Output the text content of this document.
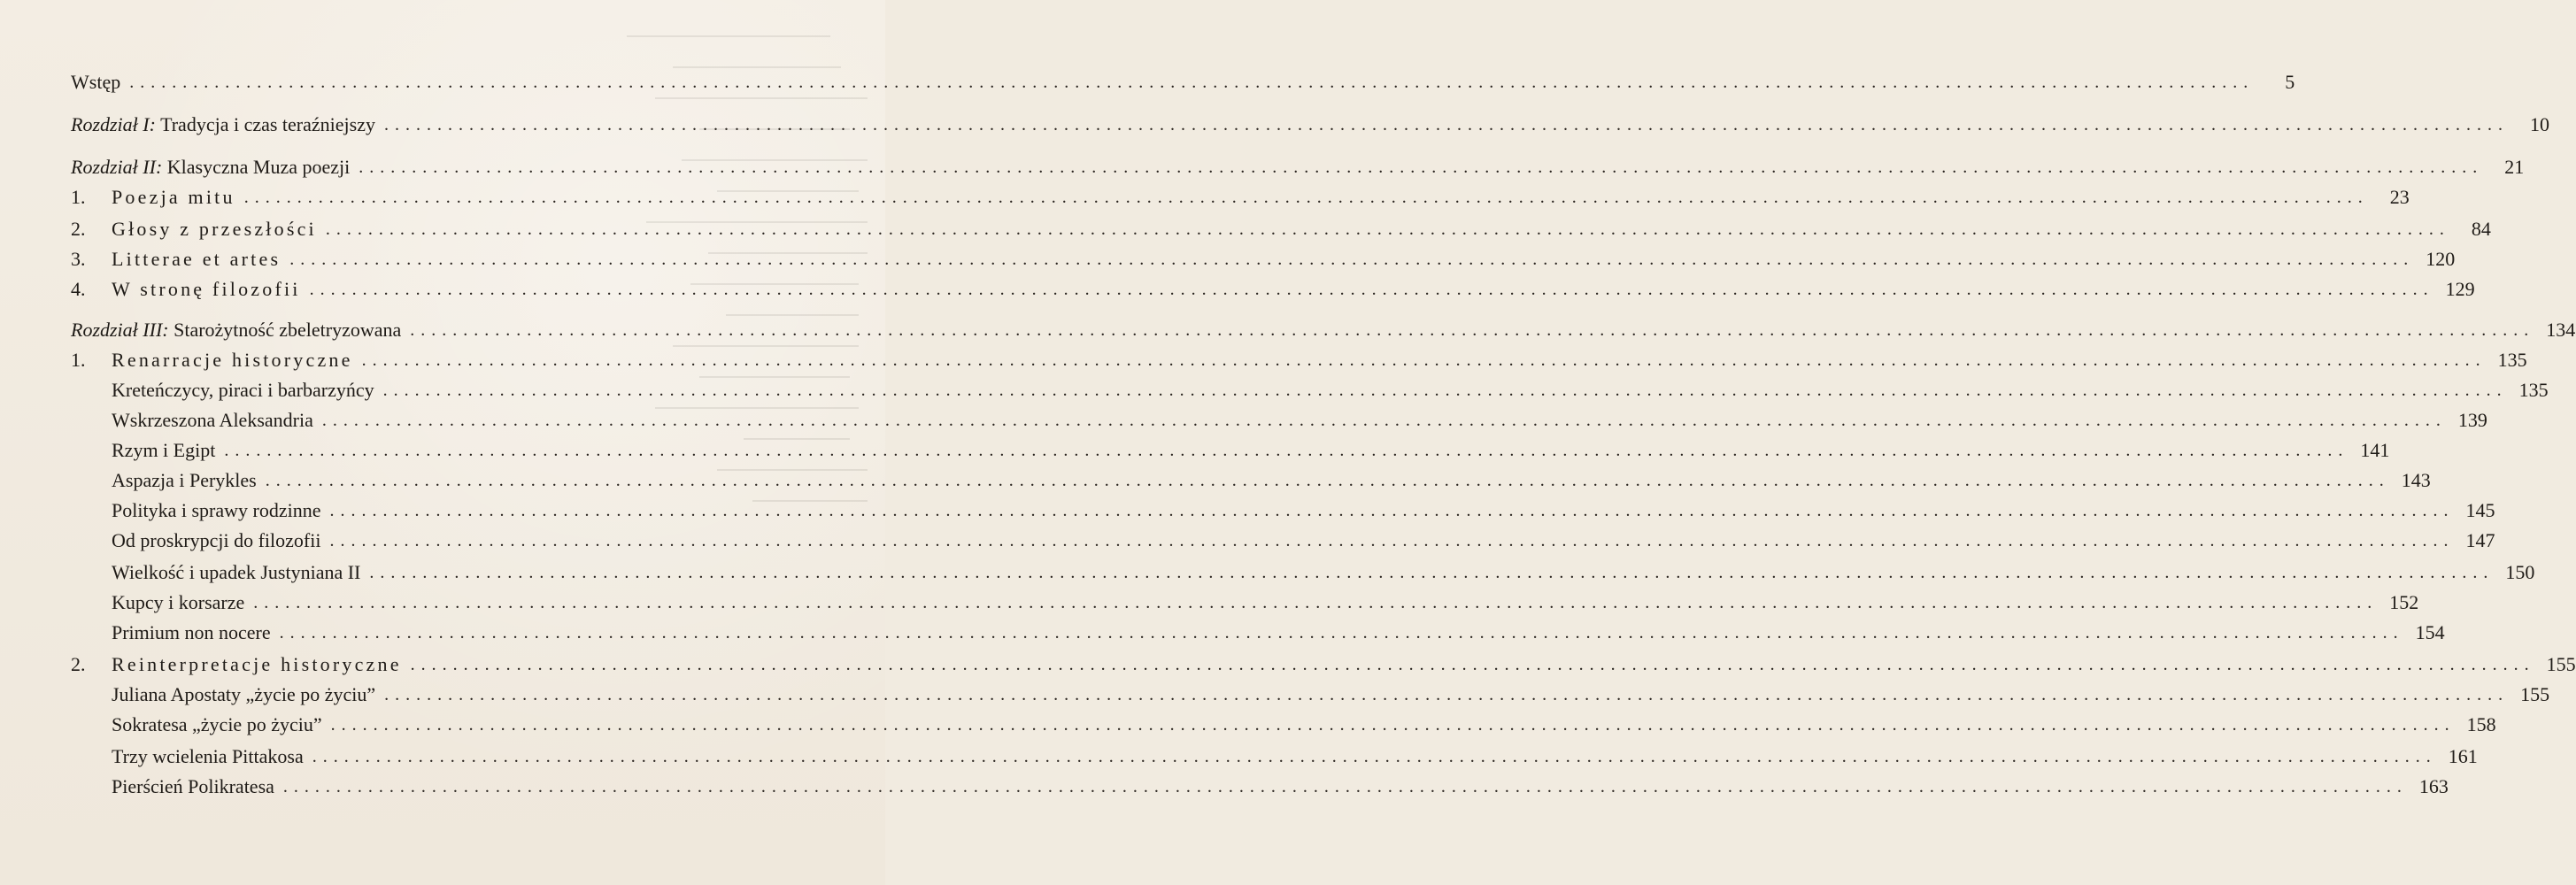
Wstęp ........................................................................................................................................................................................................	5
Rozdział I: Tradycja i czas teraźniejszy ........................................................................................................................................................................................................	10
Rozdział II: Klasyczna Muza poezji ........................................................................................................................................................................................................	21
1.	Poezja mitu ........................................................................................................................................................................................................	23
2.	Głosy z przeszłości ........................................................................................................................................................................................................	84
3.	Litterae et artes ........................................................................................................................................................................................................ 120
4.	W stronę filozofii ........................................................................................................................................................................................................ 129
Rozdział III: Starożytność zbeletryzowana ........................................................................................................................................................................................................ 134
1.	Renarracje historyczne ........................................................................................................................................................................................................ 135
Kreteńczycy, piraci i barbarzyńcy ........................................................................................................................................................................................................ 135
Wskrzeszona Aleksandria ........................................................................................................................................................................................................ 139
Rzym i Egipt ........................................................................................................................................................................................................ 141
Aspazja i Perykles ........................................................................................................................................................................................................ 143
Polityka i sprawy rodzinne ........................................................................................................................................................................................................ 145
Od proskrypcji do filozofii ........................................................................................................................................................................................................ 147
Wielkość i upadek Justyniana II ........................................................................................................................................................................................................ 150
Kupcy i korsarze ........................................................................................................................................................................................................ 152
Primium non nocere ........................................................................................................................................................................................................ 154
2.	Reinterpretacje historyczne ........................................................................................................................................................................................................ 155
Juliana Apostaty „życie po życiu” ........................................................................................................................................................................................................ 155
Sokratesa „życie po życiu” ........................................................................................................................................................................................................ 158
Trzy wcielenia Pittakosa ........................................................................................................................................................................................................ 161
Pierścień Polikratesa ........................................................................................................................................................................................................ 163
